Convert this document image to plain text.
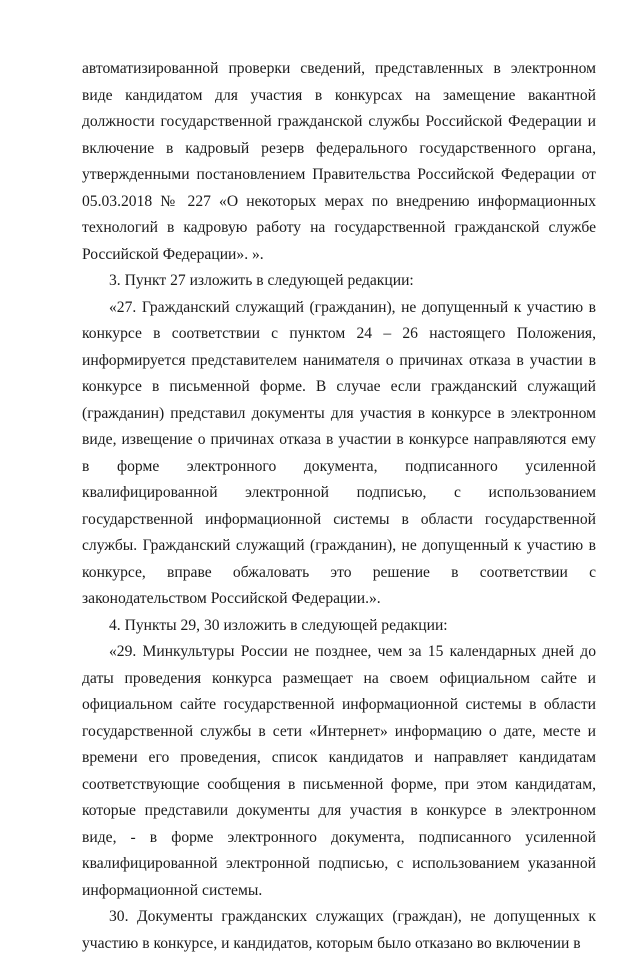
автоматизированной проверки сведений, представленных в электронном виде кандидатом для участия в конкурсах на замещение вакантной должности государственной гражданской службы Российской Федерации и включение в кадровый резерв федерального государственного органа, утвержденными постановлением Правительства Российской Федерации от 05.03.2018 № 227 «О некоторых мерах по внедрению информационных технологий в кадровую работу на государственной гражданской службе Российской Федерации». ».

3. Пункт 27 изложить в следующей редакции:

«27. Гражданский служащий (гражданин), не допущенный к участию в конкурсе в соответствии с пунктом 24 – 26 настоящего Положения, информируется представителем нанимателя о причинах отказа в участии в конкурсе в письменной форме. В случае если гражданский служащий (гражданин) представил документы для участия в конкурсе в электронном виде, извещение о причинах отказа в участии в конкурсе направляются ему в форме электронного документа, подписанного усиленной квалифицированной электронной подписью, с использованием государственной информационной системы в области государственной службы. Гражданский служащий (гражданин), не допущенный к участию в конкурсе, вправе обжаловать это решение в соответствии с законодательством Российской Федерации.».

4. Пункты 29, 30 изложить в следующей редакции:

«29. Минкультуры России не позднее, чем за 15 календарных дней до даты проведения конкурса размещает на своем официальном сайте и официальном сайте государственной информационной системы в области государственной службы в сети «Интернет» информацию о дате, месте и времени его проведения, список кандидатов и направляет кандидатам соответствующие сообщения в письменной форме, при этом кандидатам, которые представили документы для участия в конкурсе в электронном виде, - в форме электронного документа, подписанного усиленной квалифицированной электронной подписью, с использованием указанной информационной системы.

30. Документы гражданских служащих (граждан), не допущенных к участию в конкурсе, и кандидатов, которым было отказано во включении в
